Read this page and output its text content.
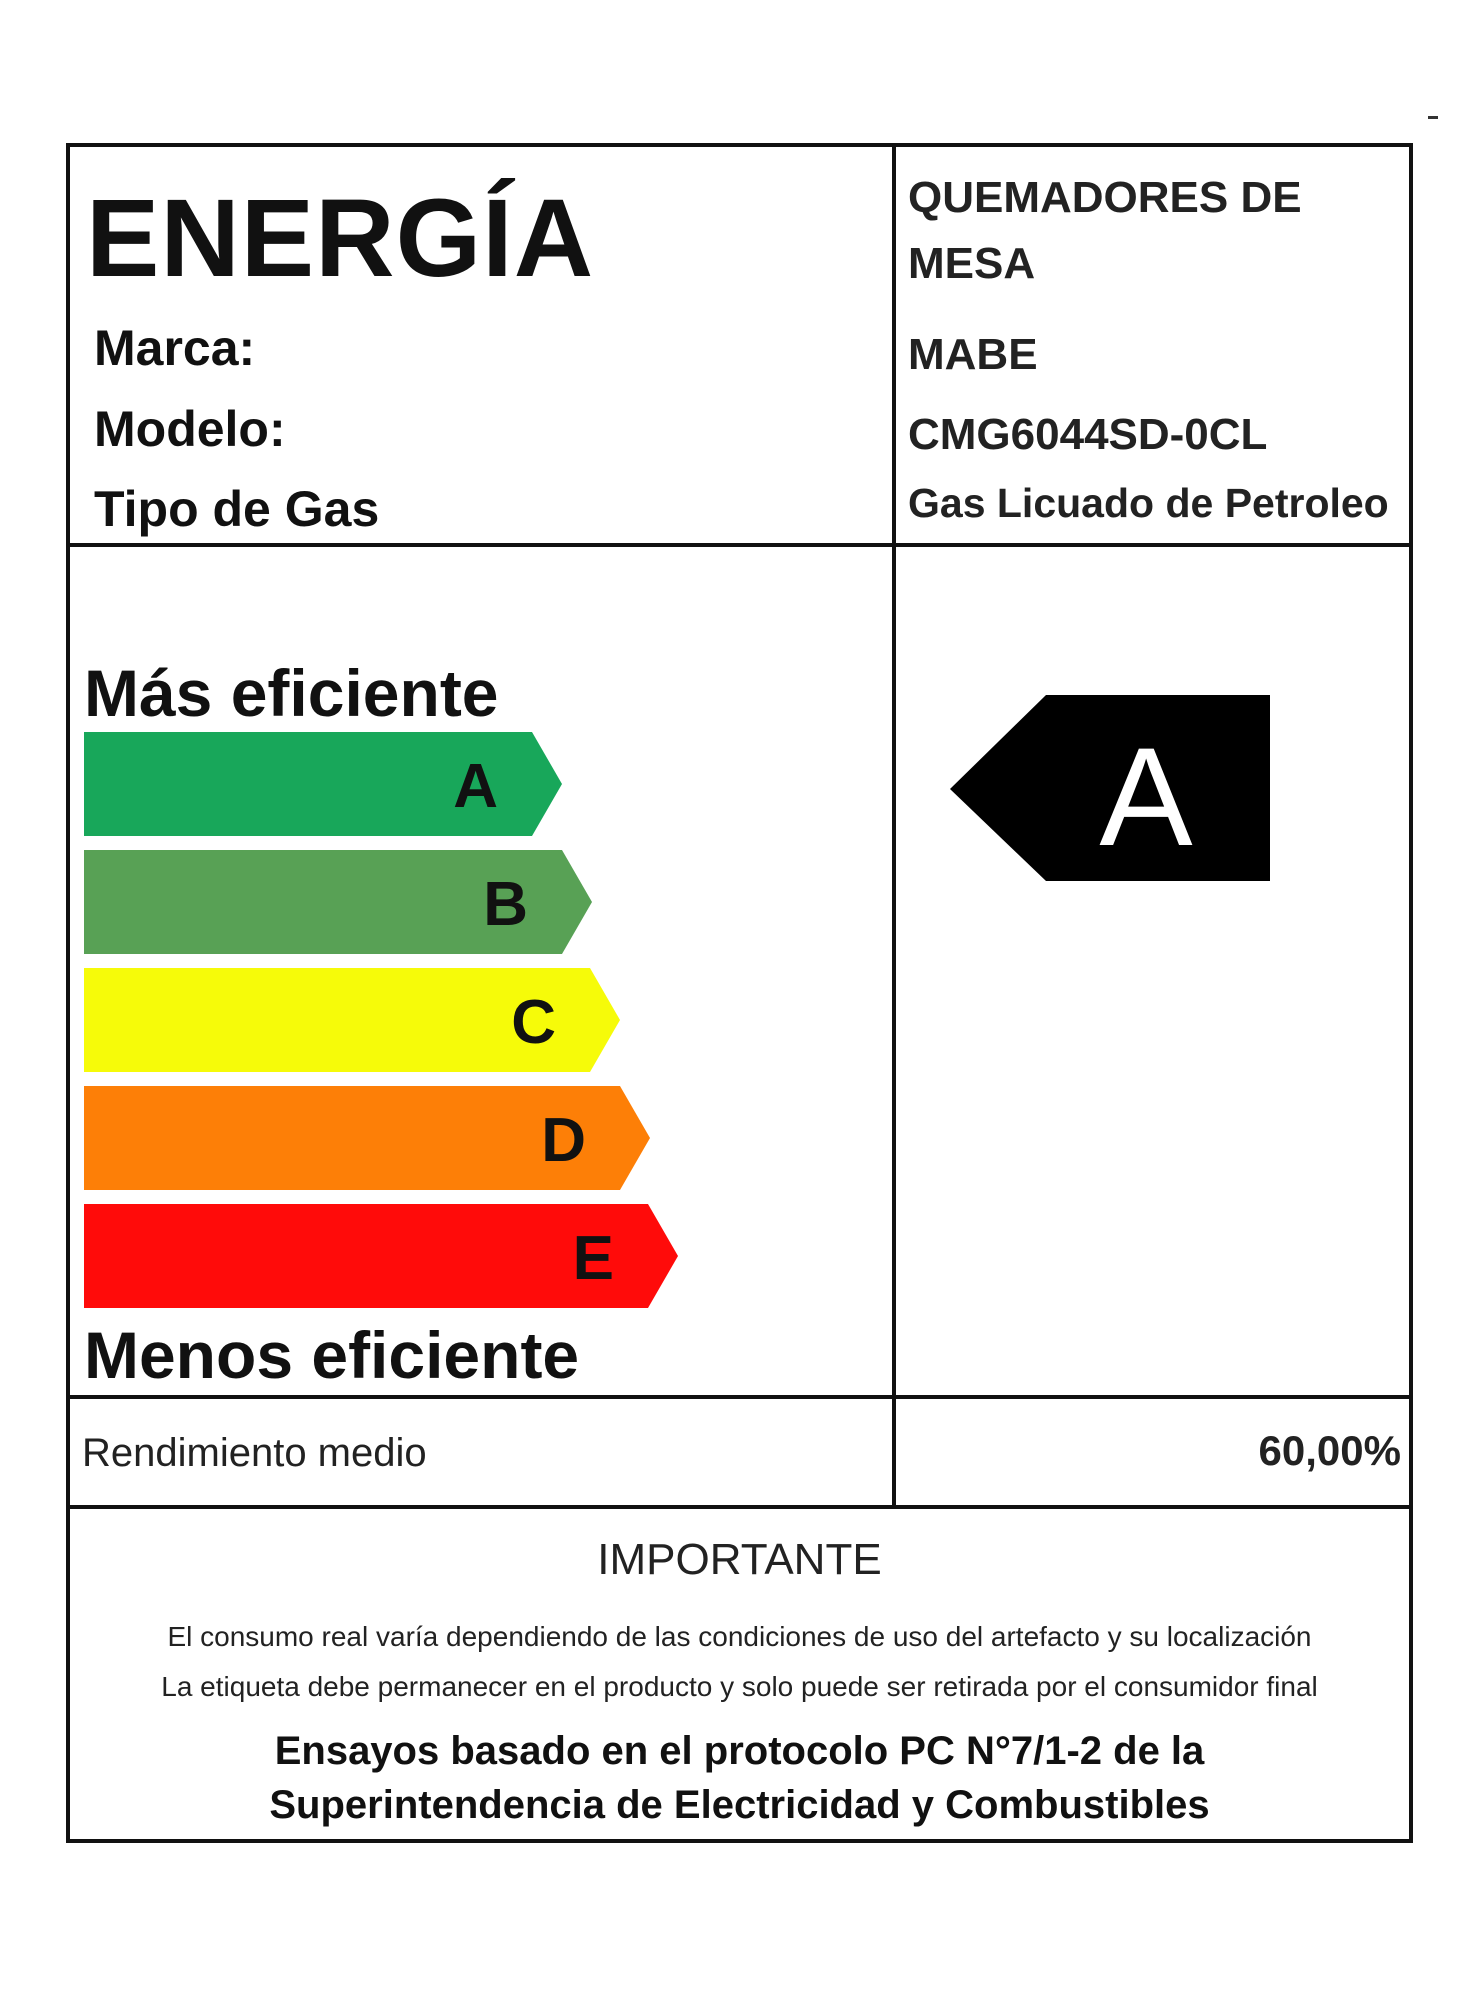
ENERGÍA
Marca:
Modelo:
Tipo de Gas
QUEMADORES DE
MESA
MABE
CMG6044SD-0CL
Gas Licuado de Petroleo
Más eficiente
A
B
C
D
E
Menos eficiente
A
Rendimiento medio	60,00%
IMPORTANTE
El consumo real varía dependiendo de las condiciones de uso del artefacto y su localización
La etiqueta debe permanecer en el producto y solo puede ser retirada por el consumidor final
Ensayos basado en el protocolo PC N°7/1-2 de la
Superintendencia de Electricidad y Combustibles
